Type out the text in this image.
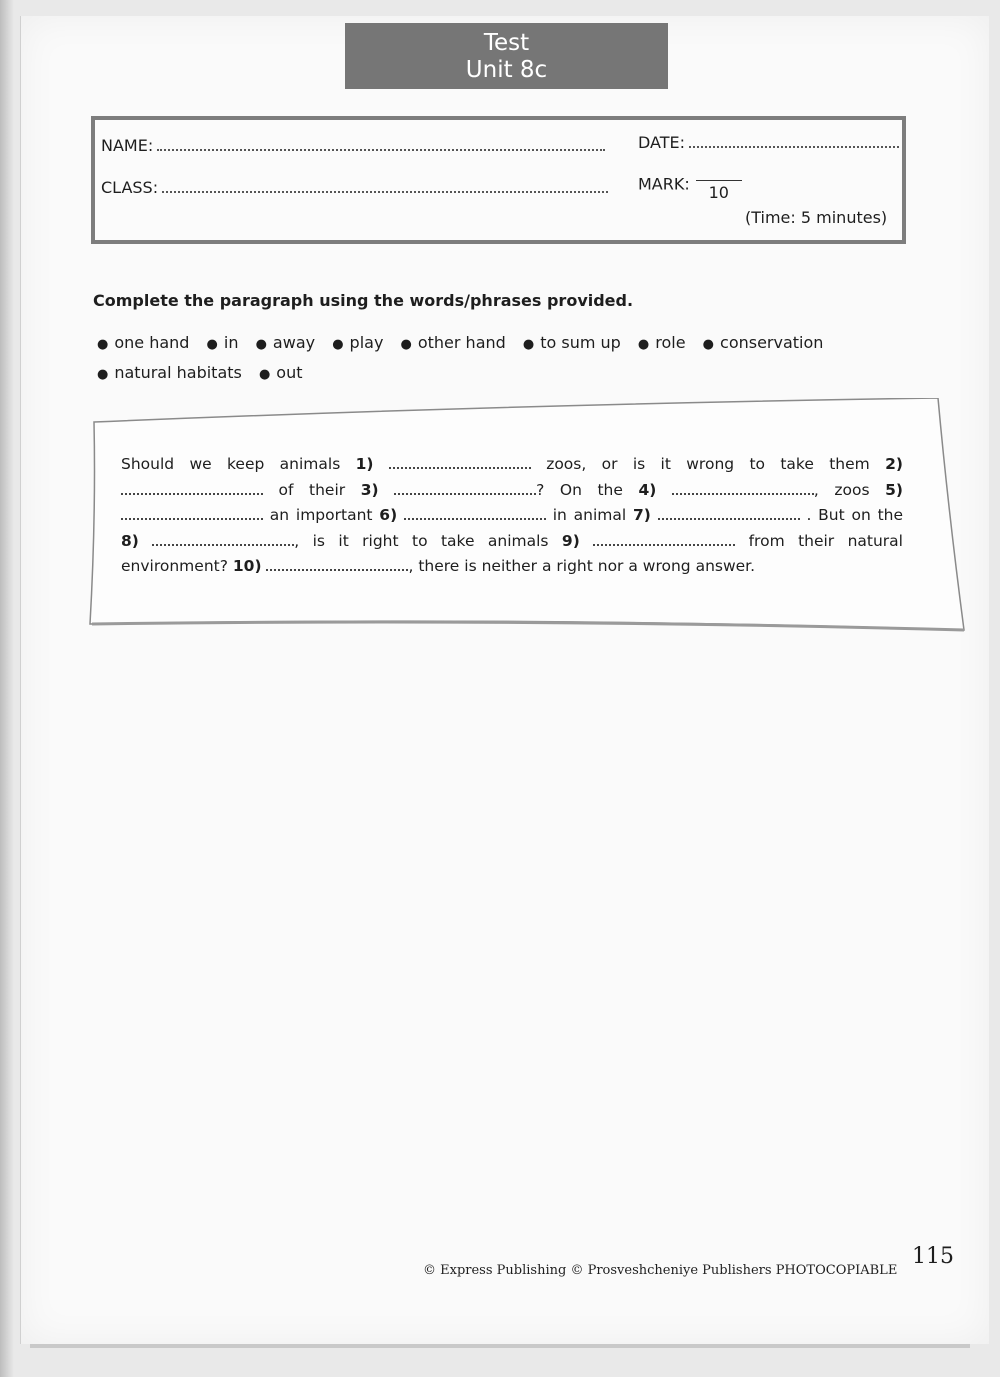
Test
Unit 8c
NAME:
CLASS:
DATE:
MARK: 10
(Time: 5 minutes)
Complete the paragraph using the words/phrases provided.
● one hand ● in ● away ● play ● other hand ● to sum up ● role ● conservation
● natural habitats ● out
Should we keep animals 1)	zoos, or is it wrong to take them 2)  of their 3)	? On the 4)	, zoos 5)  an important 6)	in animal 7)	. But on the 8)	, is it right to take animals 9)	from their natural environment? 10)	, there is neither a right nor a wrong answer.
© Express Publishing © Prosveshcheniye Publishers PHOTOCOPIABLE
115
